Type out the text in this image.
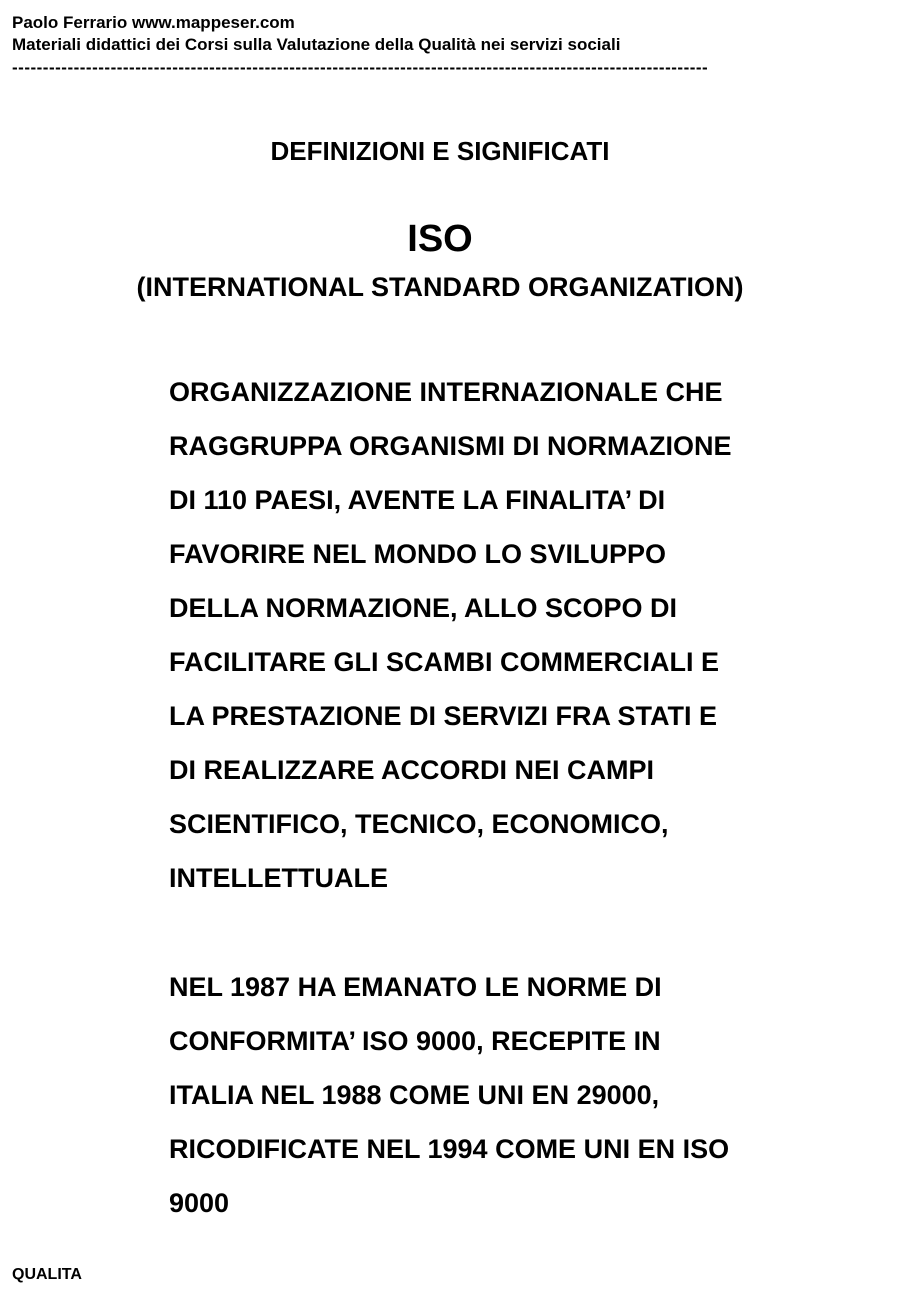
Paolo Ferrario www.mappeser.com
Materiali didattici dei Corsi sulla Valutazione della Qualità nei servizi sociali
-----------------------------------------------------------------------------------------------------------------
DEFINIZIONI E SIGNIFICATI
ISO
(INTERNATIONAL STANDARD ORGANIZATION)
ORGANIZZAZIONE INTERNAZIONALE CHE
RAGGRUPPA ORGANISMI DI NORMAZIONE
DI 110 PAESI, AVENTE LA FINALITA’ DI
FAVORIRE NEL MONDO LO SVILUPPO
DELLA NORMAZIONE, ALLO SCOPO DI
FACILITARE GLI SCAMBI COMMERCIALI E
LA PRESTAZIONE DI SERVIZI FRA STATI E
DI REALIZZARE ACCORDI NEI CAMPI
SCIENTIFICO, TECNICO, ECONOMICO,
INTELLETTUALE
NEL 1987 HA EMANATO LE NORME DI
CONFORMITA’ ISO 9000, RECEPITE IN
ITALIA NEL 1988 COME UNI EN 29000,
RICODIFICATE NEL 1994 COME UNI EN ISO
9000
QUALITA
